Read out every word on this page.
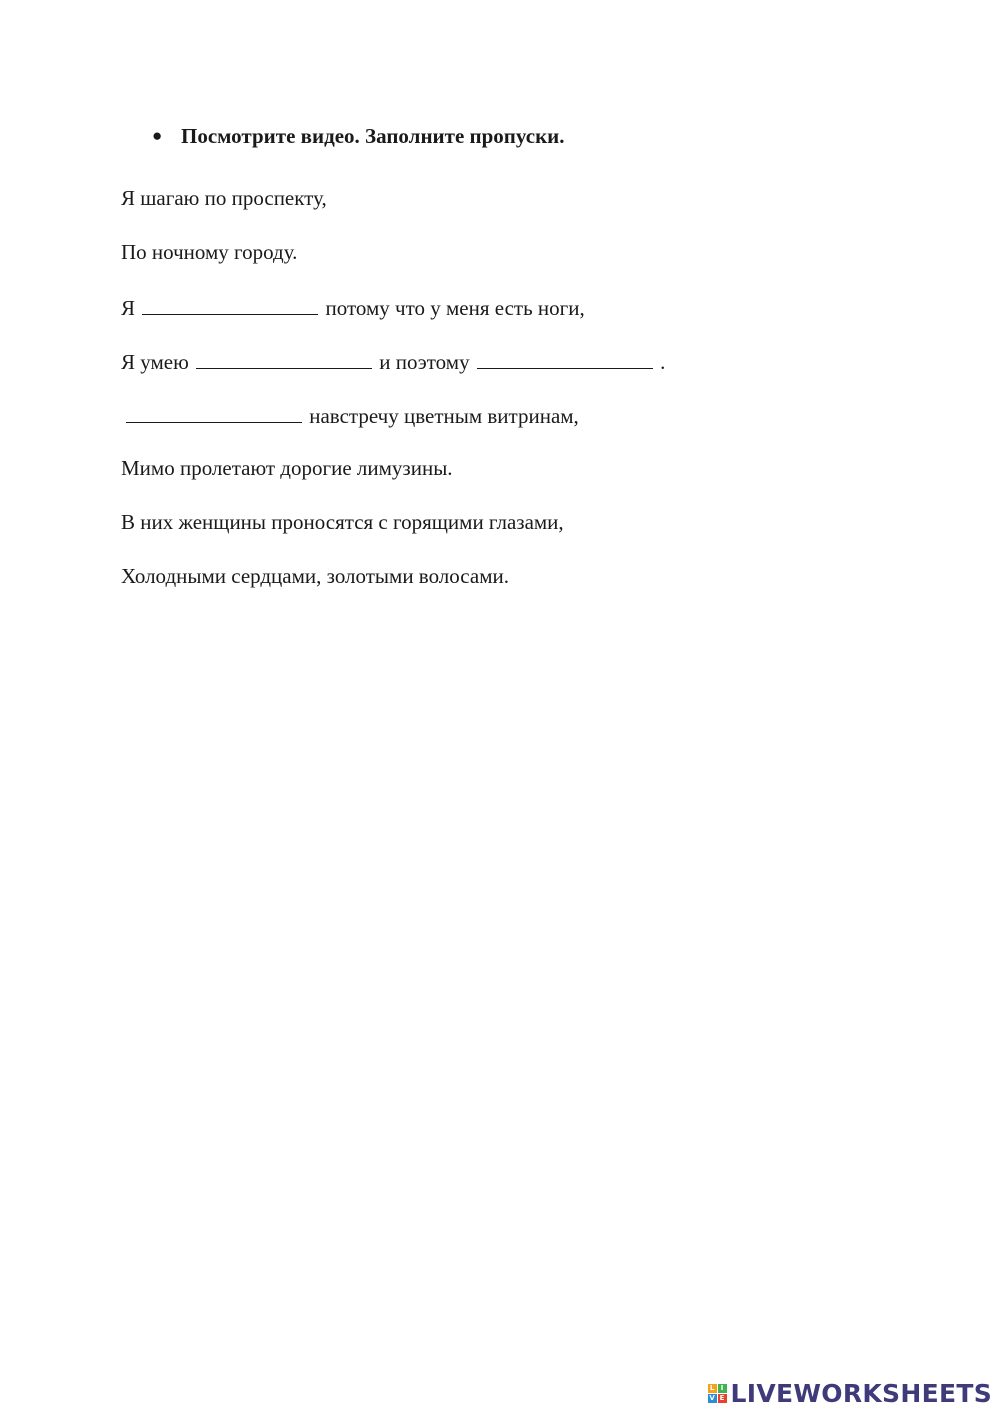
● Посмотрите видео. Заполните пропуски.
Я шагаю по проспекту,
По ночному городу.
Я	потому что у меня есть ноги,
Я умею	и поэтому	.
навстречу цветным витринам,
Мимо пролетают дорогие лимузины.
В них женщины проносятся с горящими глазами,
Холодными сердцами, золотыми волосами.
L I
V E LIVEWORKSHEETS
